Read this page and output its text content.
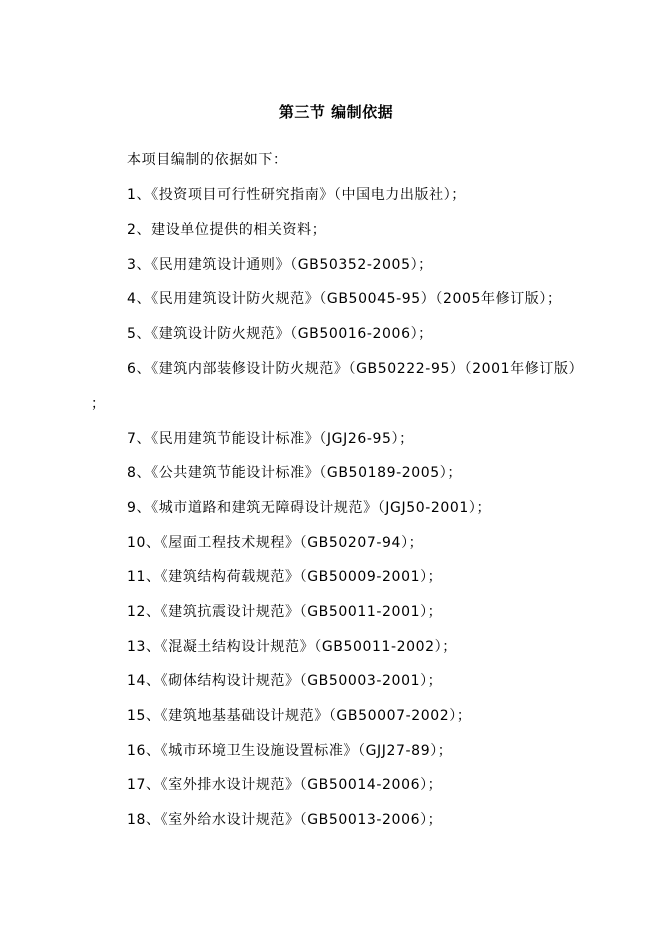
第三节 编制依据
本项目编制的依据如下：
1、《投资项目可行性研究指南》（中国电力出版社）；
2、建设单位提供的相关资料；
3、《民用建筑设计通则》（GB50352-2005）；
4、《民用建筑设计防火规范》（GB50045-95）（2005年修订版）；
5、《建筑设计防火规范》（GB50016-2006）；
6、《建筑内部装修设计防火规范》（GB50222-95）（2001年修订版）
；
7、《民用建筑节能设计标准》（JGJ26-95）；
8、《公共建筑节能设计标准》（GB50189-2005）；
9、《城市道路和建筑无障碍设计规范》（JGJ50-2001）；
10、《屋面工程技术规程》（GB50207-94）；
11、《建筑结构荷载规范》（GB50009-2001）；
12、《建筑抗震设计规范》（GB50011-2001）；
13、《混凝土结构设计规范》（GB50011-2002）；
14、《砌体结构设计规范》（GB50003-2001）；
15、《建筑地基基础设计规范》（GB50007-2002）；
16、《城市环境卫生设施设置标准》（GJJ27-89）；
17、《室外排水设计规范》（GB50014-2006）；
18、《室外给水设计规范》（GB50013-2006）；
